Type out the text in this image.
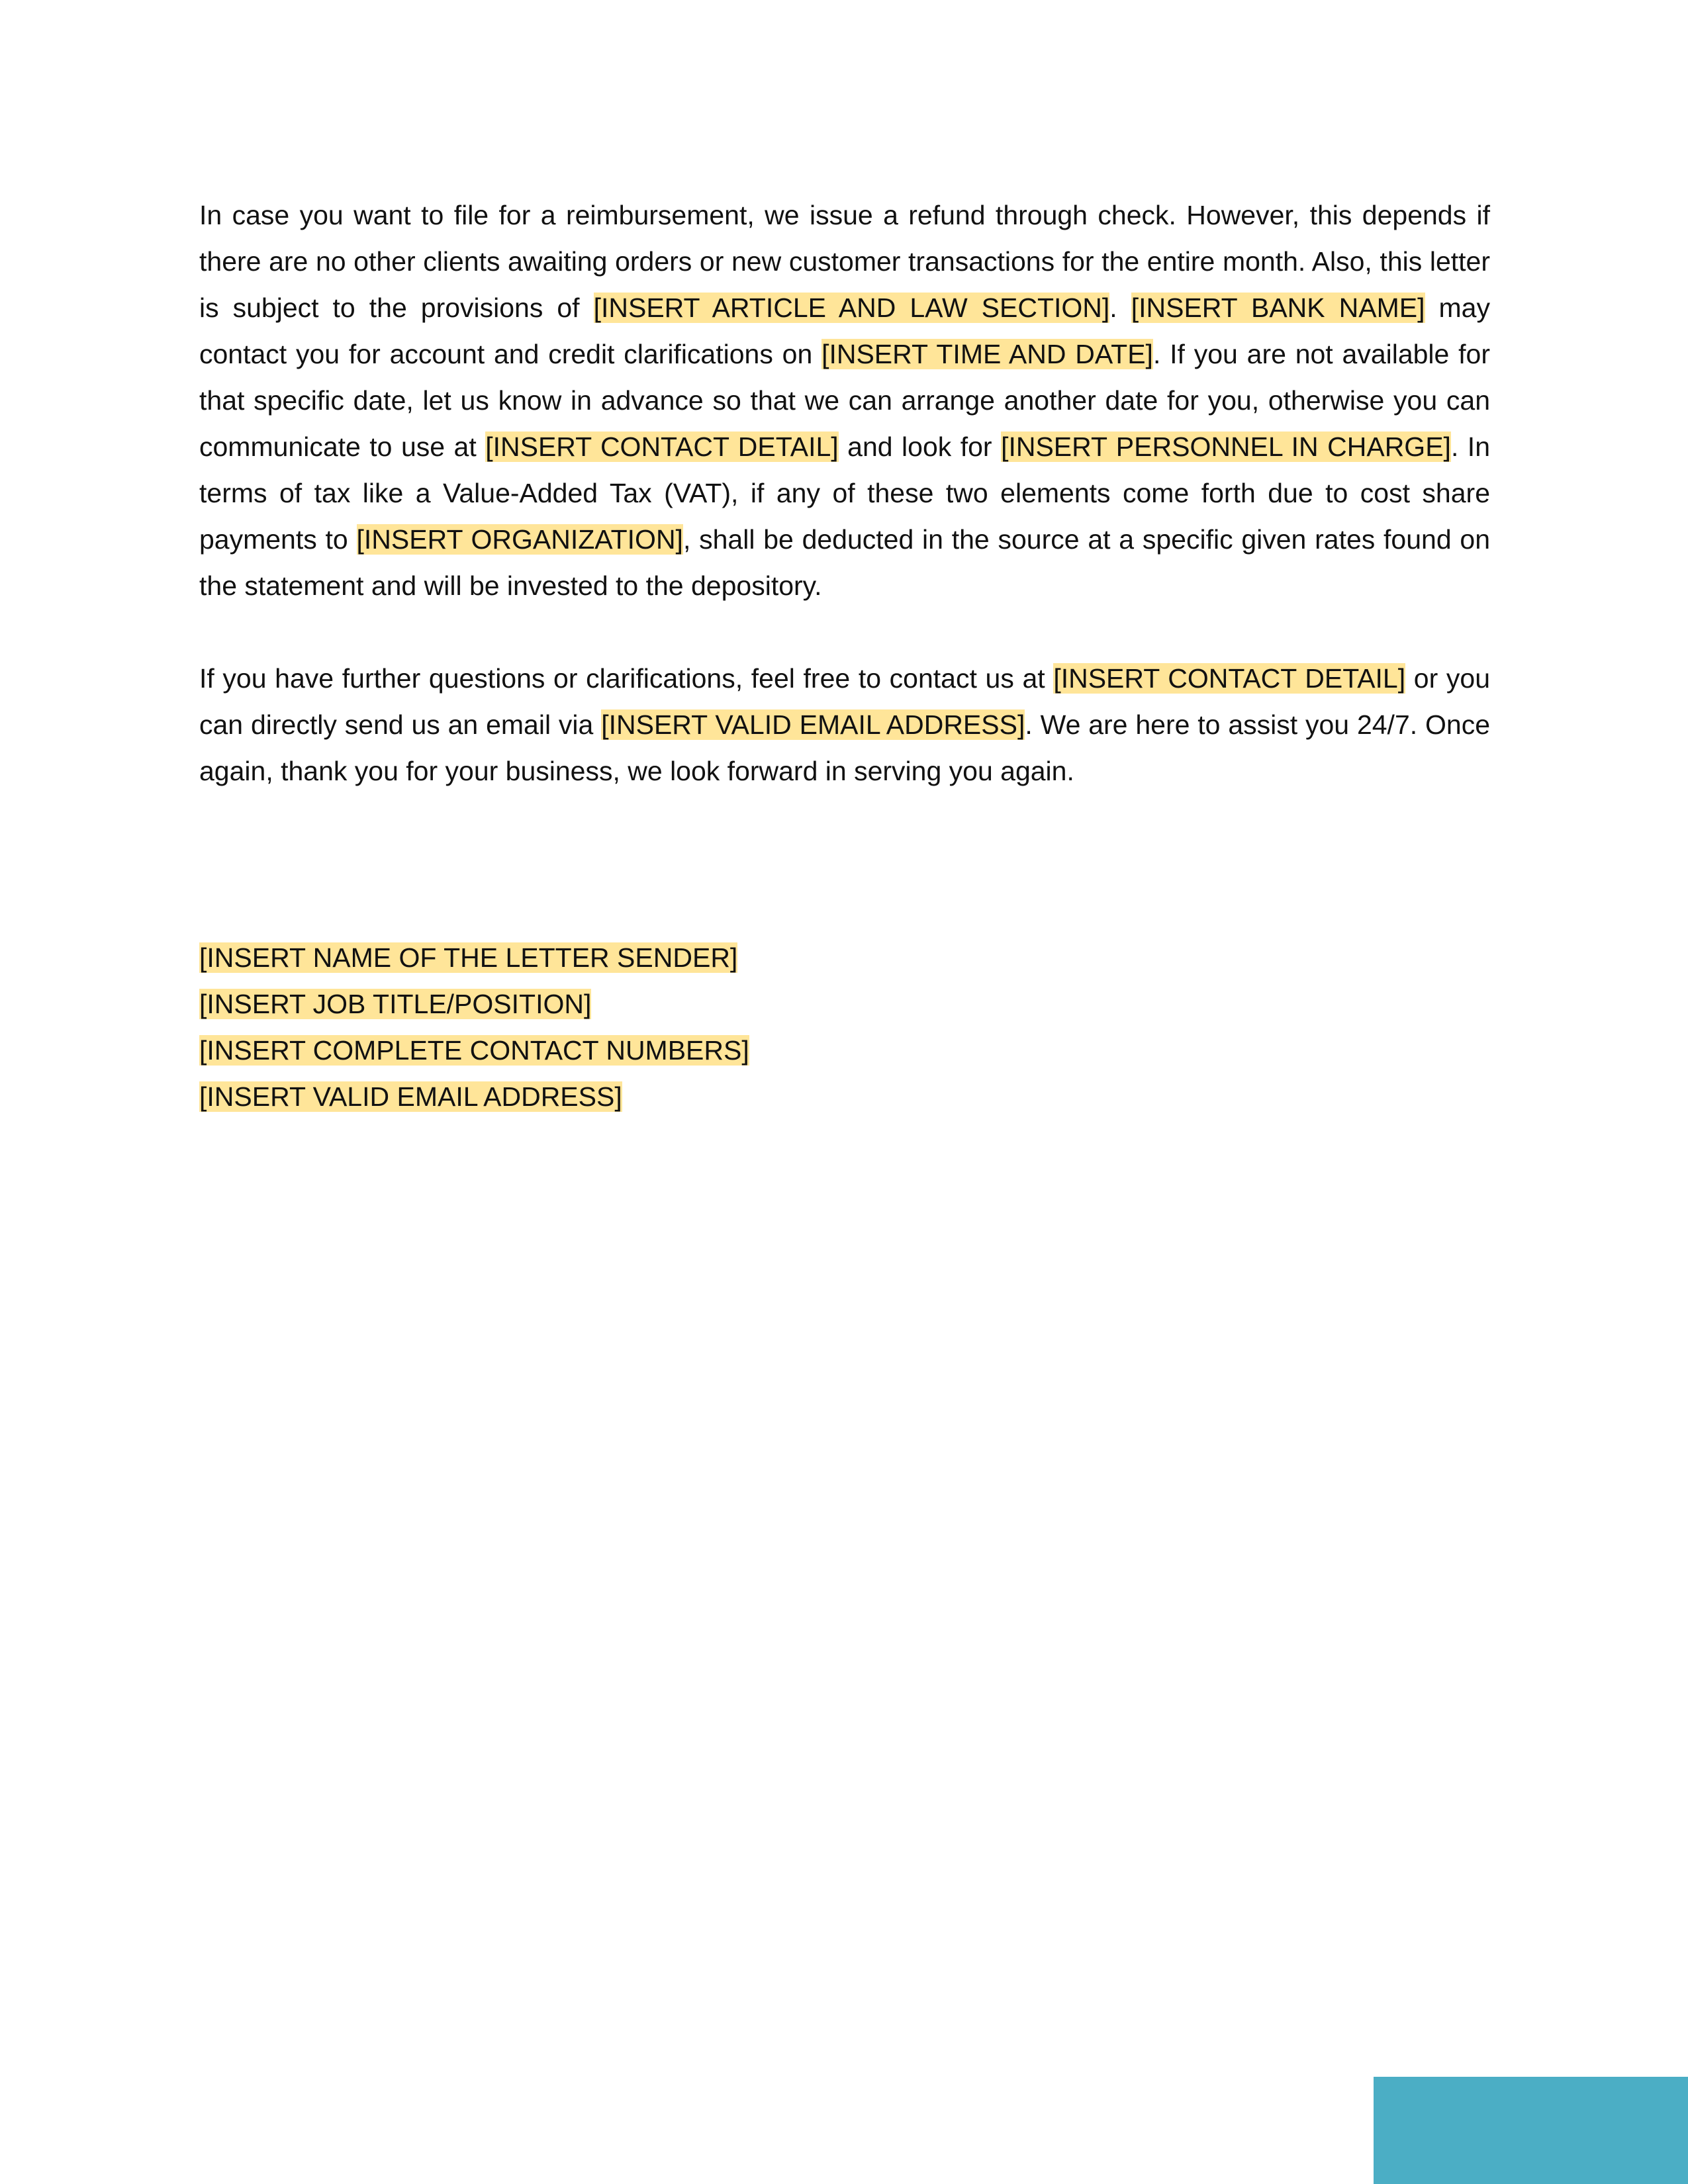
In case you want to file for a reimbursement, we issue a refund through check. However, this depends if there are no other clients awaiting orders or new customer transactions for the entire month. Also, this letter is subject to the provisions of [INSERT ARTICLE AND LAW SECTION]. [INSERT BANK NAME] may contact you for account and credit clarifications on [INSERT TIME AND DATE]. If you are not available for that specific date, let us know in advance so that we can arrange another date for you, otherwise you can communicate to use at [INSERT CONTACT DETAIL] and look for [INSERT PERSONNEL IN CHARGE]. In terms of tax like a Value-Added Tax (VAT), if any of these two elements come forth due to cost share payments to [INSERT ORGANIZATION], shall be deducted in the source at a specific given rates found on the statement and will be invested to the depository.

If you have further questions or clarifications, feel free to contact us at [INSERT CONTACT DETAIL] or you can directly send us an email via [INSERT VALID EMAIL ADDRESS]. We are here to assist you 24/7. Once again, thank you for your business, we look forward in serving you again.

[INSERT NAME OF THE LETTER SENDER]
[INSERT JOB TITLE/POSITION]
[INSERT COMPLETE CONTACT NUMBERS]
[INSERT VALID EMAIL ADDRESS]
